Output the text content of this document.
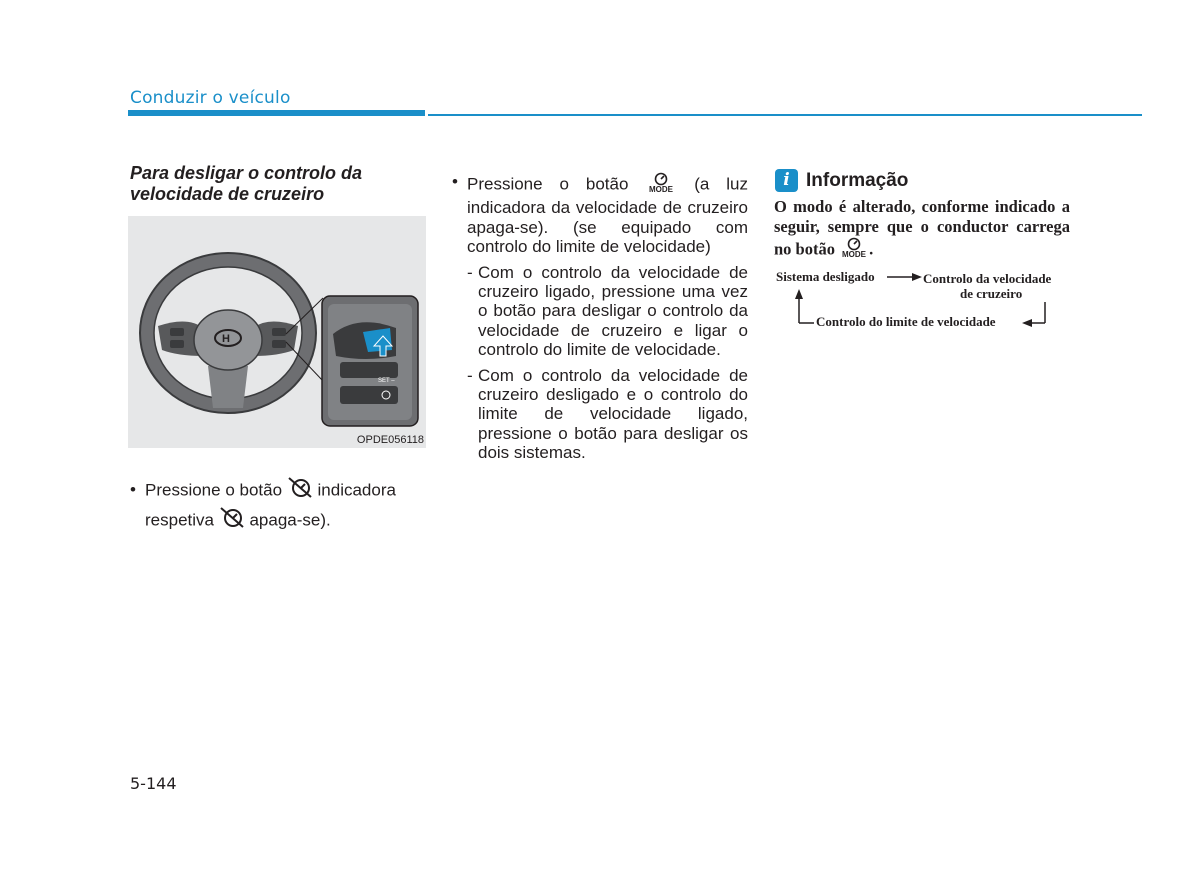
Conduzir o veículo
Para desligar o controlo da velocidade de cruzeiro
H
SET –
OPDE056118
• Pressione o botão indicadora
respetiva apaga-se).
• Pressione o botão	MODE (a luz indicadora da velocidade de cruzeiro apaga-se). (se equipado com controlo do limite de velocidade)
- Com o controlo da velocidade de cruzeiro ligado, pressione uma vez o botão para desligar o controlo da velocidade de cruzeiro e ligar o controlo do limite de velocidade.
- Com o controlo da velocidade de cruzeiro desligado e o controlo do limite de velocidade ligado, pressione o botão para desligar os dois sistemas.
i Informação
O modo é alterado, conforme indicado a seguir, sempre que o conductor carrega no botão MODE .
Sistema desligado	Controlo da velocidade
de cruzeiro
Controlo do limite de velocidade
5-144
